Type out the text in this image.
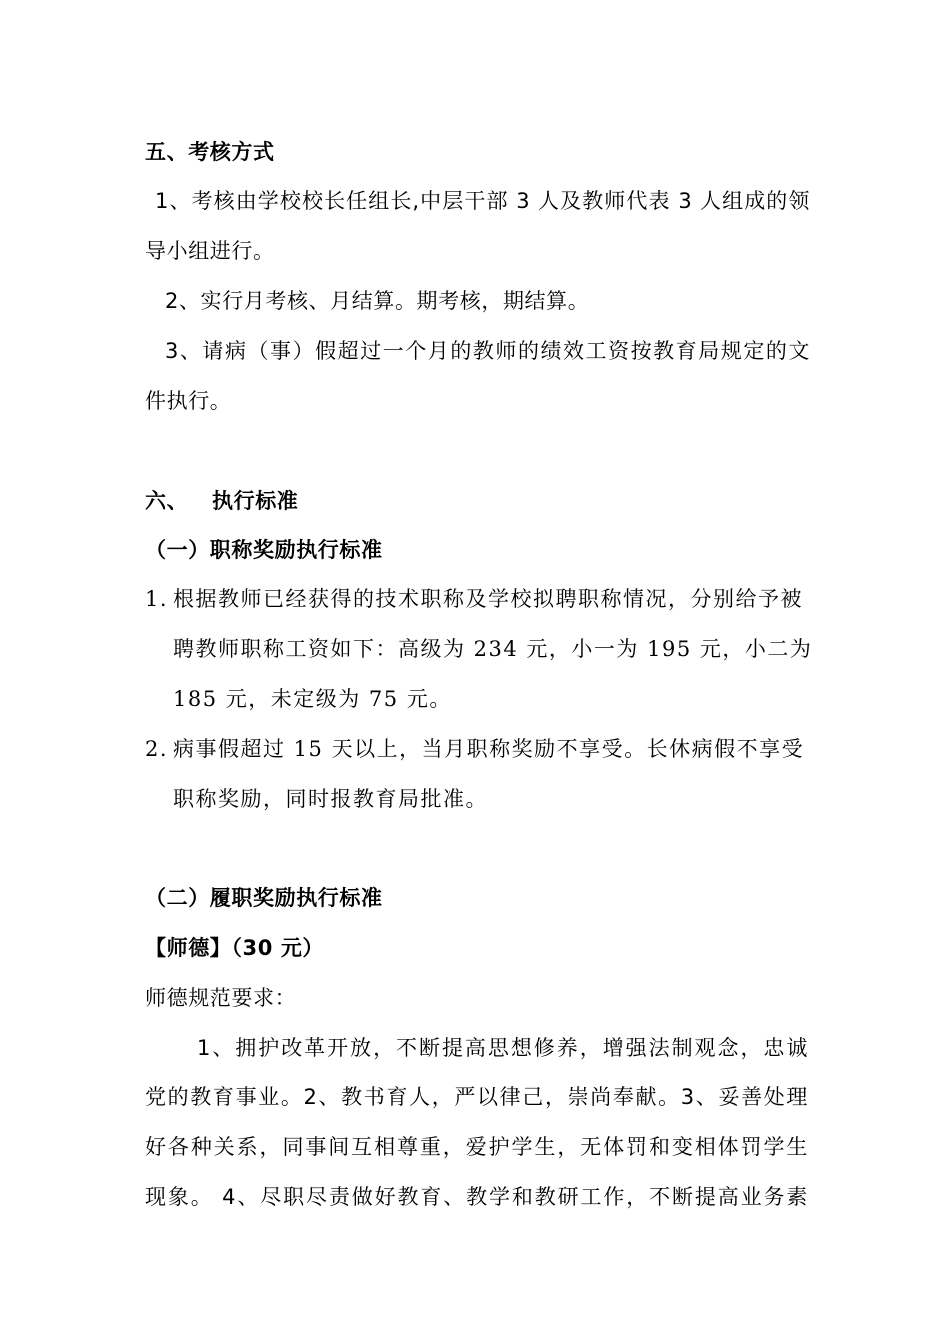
五、考核方式
1、考核由学校校长任组长,中层干部 3 人及教师代表 3 人组成的领
导小组进行。
2、实行月考核、月结算。期考核，期结算。
3、请病（事）假超过一个月的教师的绩效工资按教育局规定的文
件执行。
六、	执行标准
（一）职称奖励执行标准
1. 根据教师已经获得的技术职称及学校拟聘职称情况，分别给予被
聘教师职称工资如下：高级为 234 元，小一为 195 元，小二为
185 元，未定级为 75 元。
2. 病事假超过 15 天以上，当月职称奖励不享受。长休病假不享受
职称奖励，同时报教育局批准。
（二）履职奖励执行标准
【师德】（30 元）
师德规范要求：
1、拥护改革开放，不断提高思想修养，增强法制观念，忠诚
党的教育事业。2、教书育人，严以律己，崇尚奉献。3、妥善处理
好各种关系，同事间互相尊重，爱护学生，无体罚和变相体罚学生
现象。 4、尽职尽责做好教育、教学和教研工作，不断提高业务素
